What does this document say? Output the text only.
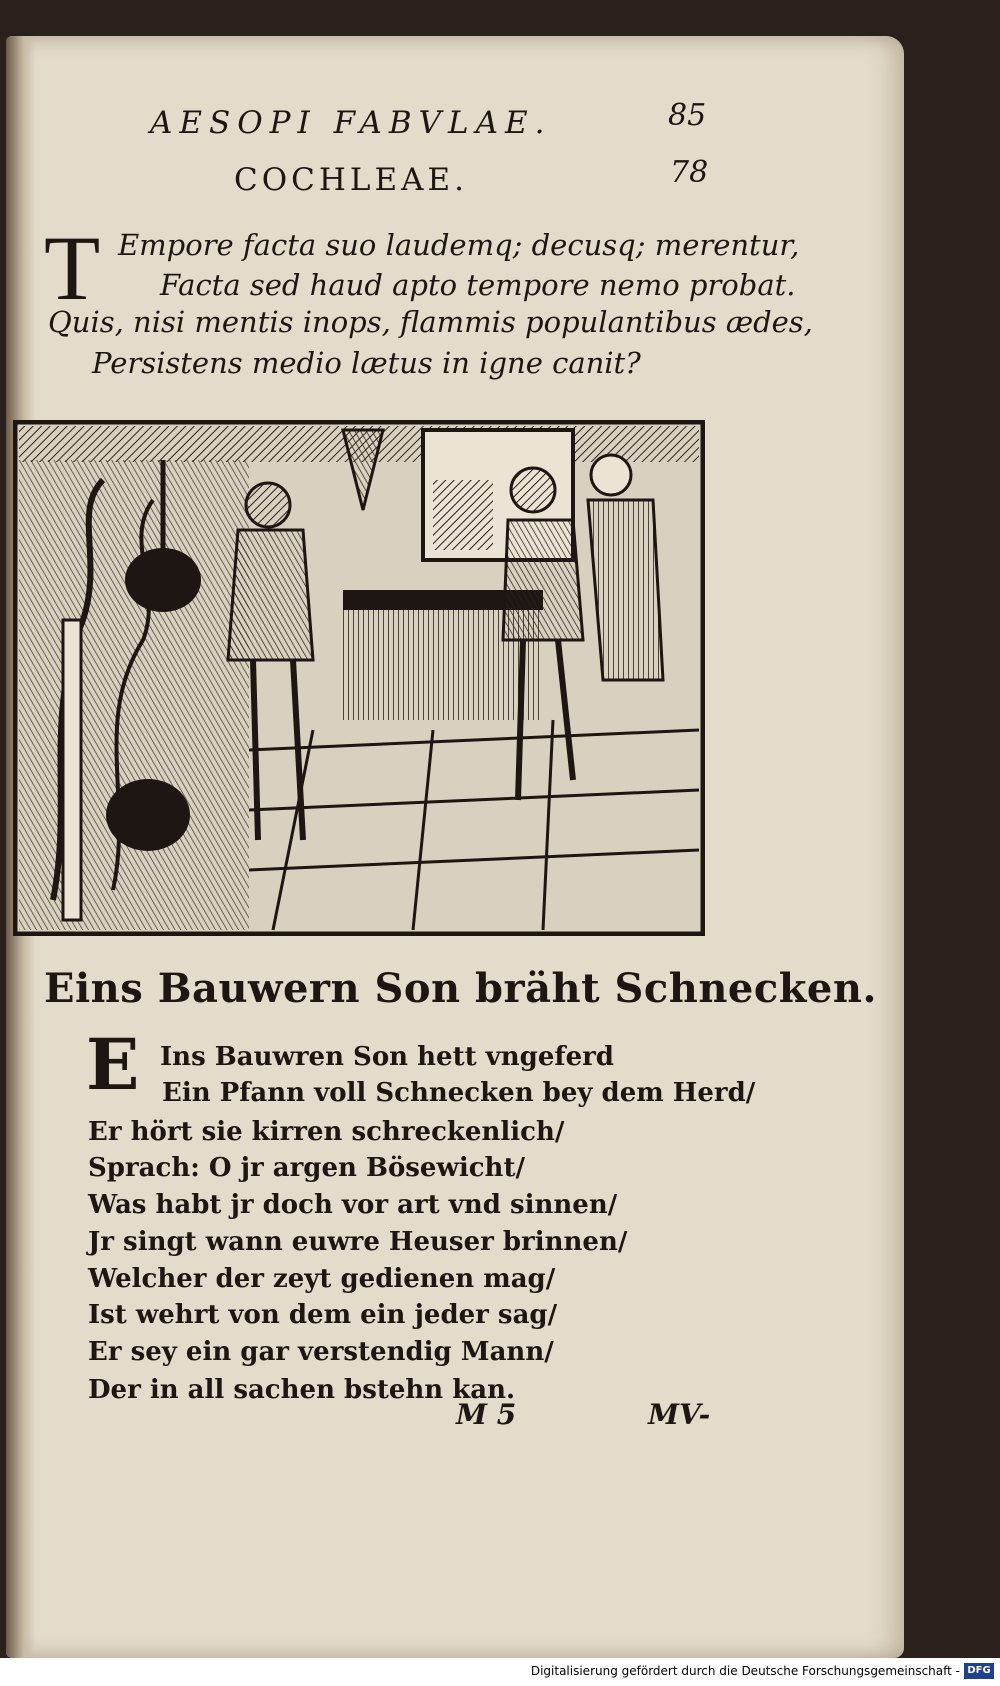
AESOPI FABVLAE.	85
COCHLEAE.	78
T Empore facta suo laudemq; decusq; merentur,
Facta sed haud apto tempore nemo probat.
Quis, nisi mentis inops, flammis populantibus ædes,
Persistens medio lætus in igne canit?
Eins Bauwern Son bräht Schnecken.
E Ins Bauwren Son hett vngeferd
Ein Pfann voll Schnecken bey dem Herd/
Er hört sie kirren schreckenlich/
Sprach: O jr argen Bösewicht/
Was habt jr doch vor art vnd sinnen/
Jr singt wann euwre Heuser brinnen/
Welcher der zeyt gedienen mag/
Ist wehrt von dem ein jeder sag/
Er sey ein gar verstendig Mann/
Der in all sachen bstehn kan.
M 5	MV-
Digitalisierung gefördert durch die Deutsche Forschungsgemeinschaft - DFG
